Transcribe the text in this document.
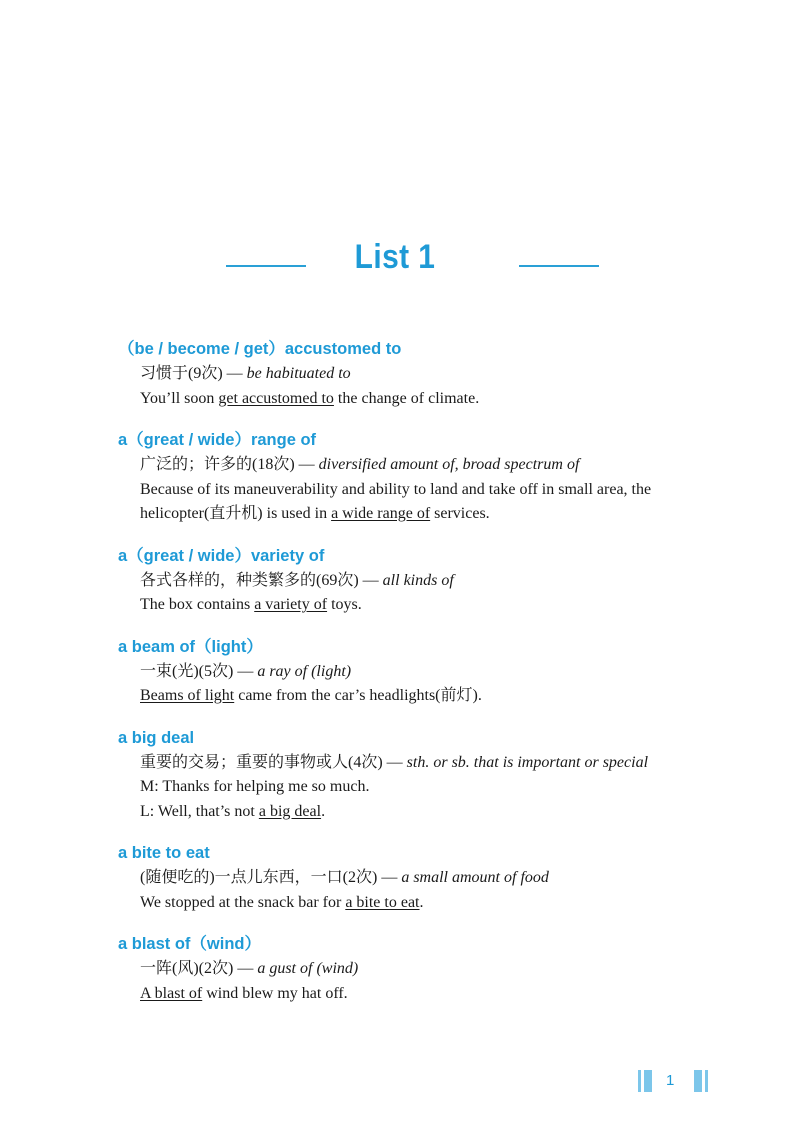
List 1
（be / become / get）accustomed to
习惯于(9次) — be habituated to
You’ll soon get accustomed to the change of climate.
a（great / wide）range of
广泛的；许多的(18次) — diversified amount of, broad spectrum of
Because of its maneuverability and ability to land and take off in small area, the
helicopter(直升机) is used in a wide range of services.
a（great / wide）variety of
各式各样的，种类繁多的(69次) — all kinds of
The box contains a variety of toys.
a beam of（light）
一束(光)(5次) — a ray of (light)
Beams of light came from the car’s headlights(前灯).
a big deal
重要的交易；重要的事物或人(4次) — sth. or sb. that is important or special
M: Thanks for helping me so much.
L: Well, that’s not a big deal.
a bite to eat
(随便吃的)一点儿东西，一口(2次) — a small amount of food
We stopped at the snack bar for a bite to eat.
a blast of（wind）
一阵(风)(2次) — a gust of (wind)
A blast of wind blew my hat off.
1
